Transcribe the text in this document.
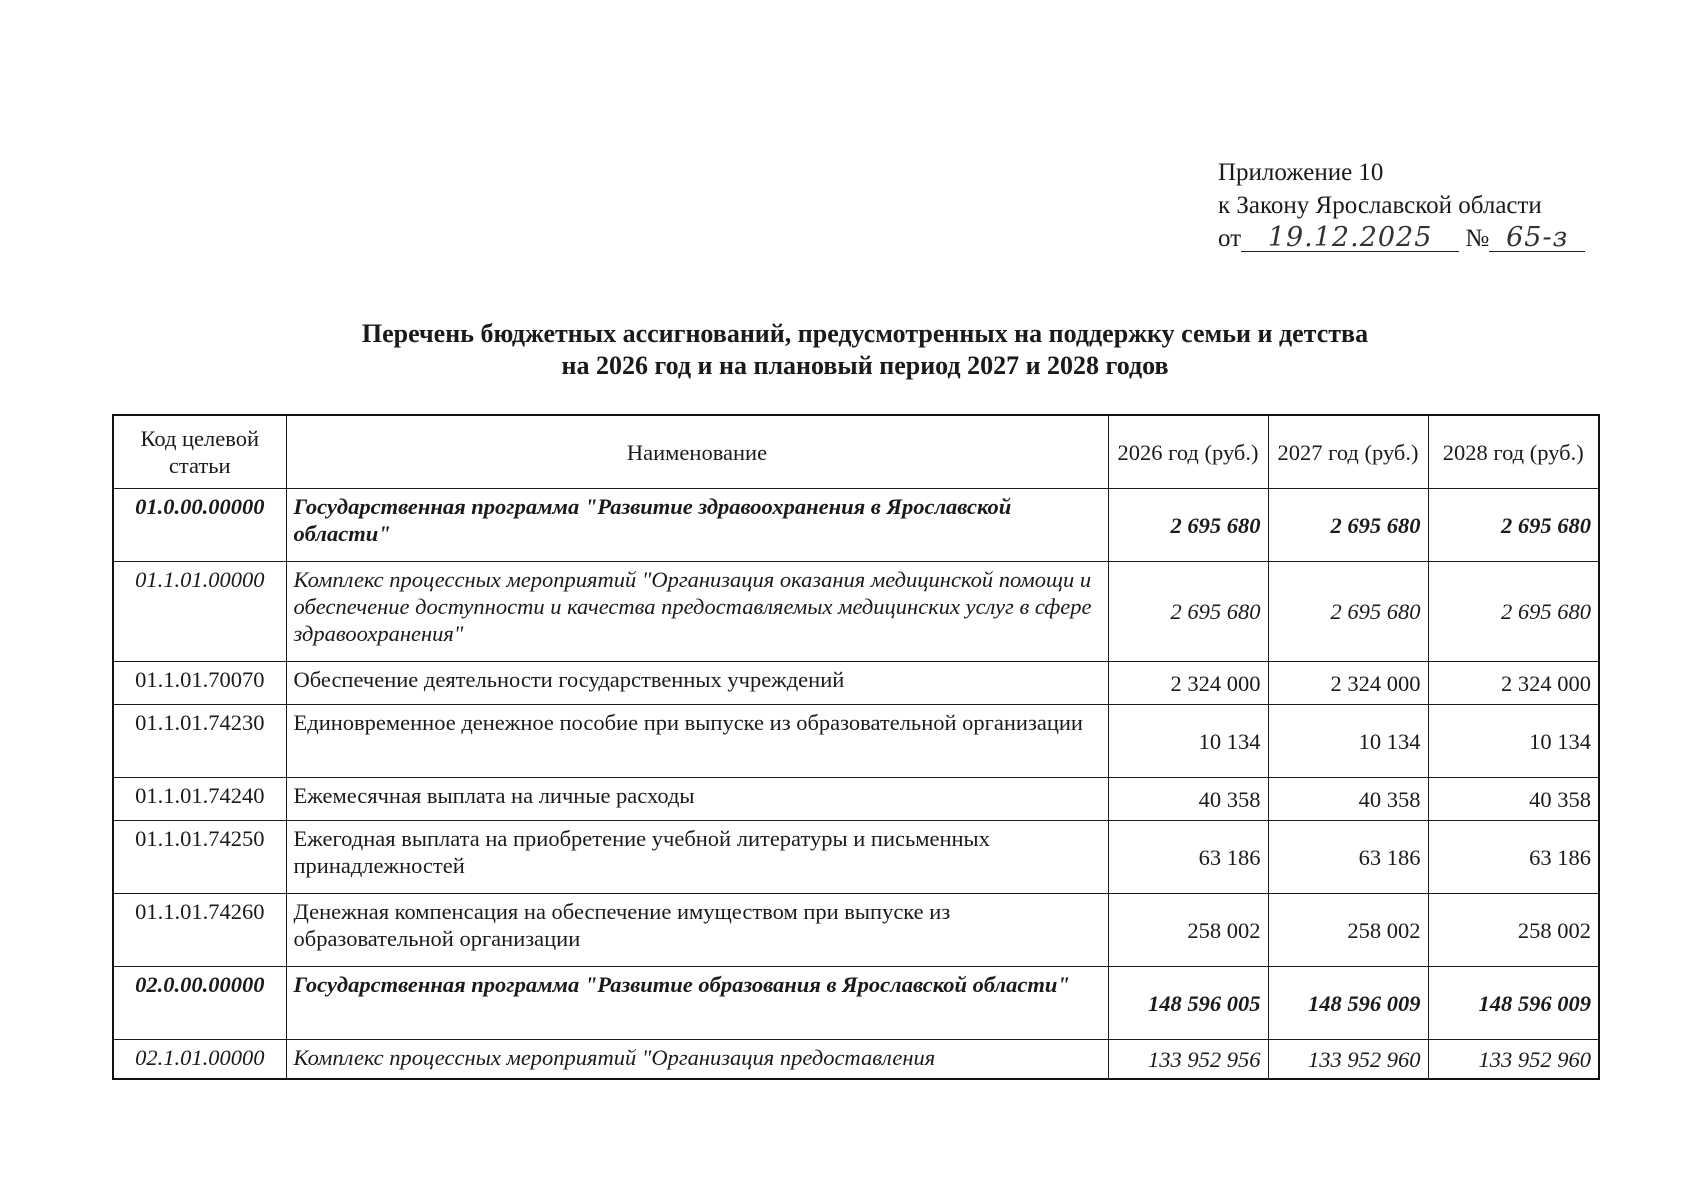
Приложение 10
к Закону Ярославской области
от 19.12.2025 № 65-з
Перечень бюджетных ассигнований, предусмотренных на поддержку семьи и детства
на 2026 год и на плановый период 2027 и 2028 годов
Код целевой статьи	Наименование	2026 год (руб.)	2027 год (руб.)	2028 год (руб.)
01.0.00.00000	Государственная программа "Развитие здравоохранения в Ярославской области"	2 695 680	2 695 680	2 695 680
01.1.01.00000	Комплекс процессных мероприятий "Организация оказания медицинской помощи и обеспечение доступности и качества предоставляемых медицинских услуг в сфере здравоохранения"	2 695 680	2 695 680	2 695 680
01.1.01.70070	Обеспечение деятельности государственных учреждений	2 324 000	2 324 000	2 324 000
01.1.01.74230	Единовременное денежное пособие при выпуске из образовательной организации	10 134	10 134	10 134
01.1.01.74240	Ежемесячная выплата на личные расходы	40 358	40 358	40 358
01.1.01.74250	Ежегодная выплата на приобретение учебной литературы и письменных принадлежностей	63 186	63 186	63 186
01.1.01.74260	Денежная компенсация на обеспечение имуществом при выпуске из образовательной организации	258 002	258 002	258 002
02.0.00.00000	Государственная программа "Развитие образования в Ярославской области"	148 596 005	148 596 009	148 596 009
02.1.01.00000	Комплекс процессных мероприятий "Организация предоставления	133 952 956	133 952 960	133 952 960
